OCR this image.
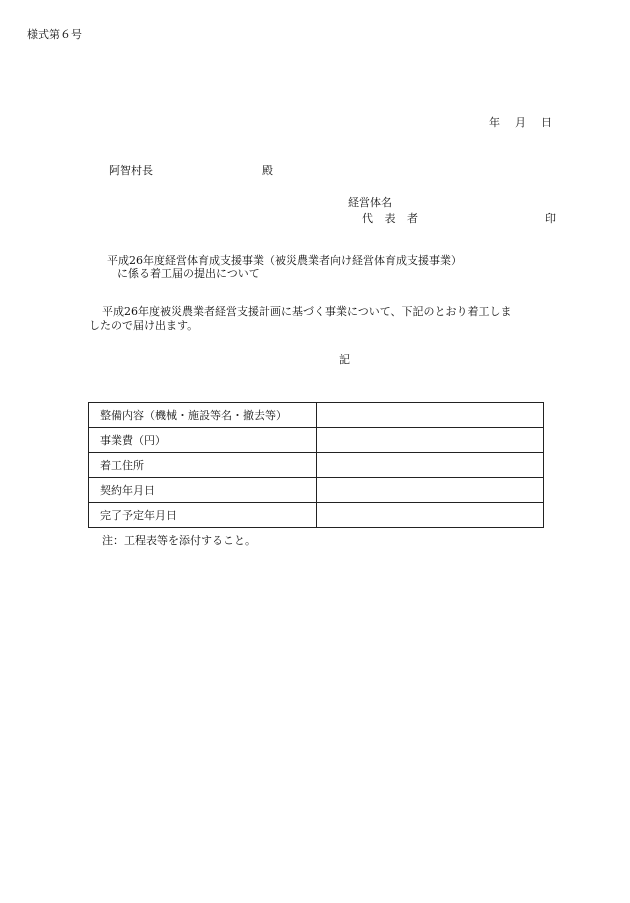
様式第６号
年 月 日
阿智村長	殿
経営体名
代 表 者	印
平成26年度経営体育成支援事業（被災農業者向け経営体育成支援事業）
に係る着工届の提出について
平成26年度被災農業者経営支援計画に基づく事業について、下記のとおり着工しま
したので届け出ます。
記
整備内容（機械・施設等名・撤去等）	
事業費（円）	
着工住所	
契約年月日	
完了予定年月日	
注：工程表等を添付すること。
